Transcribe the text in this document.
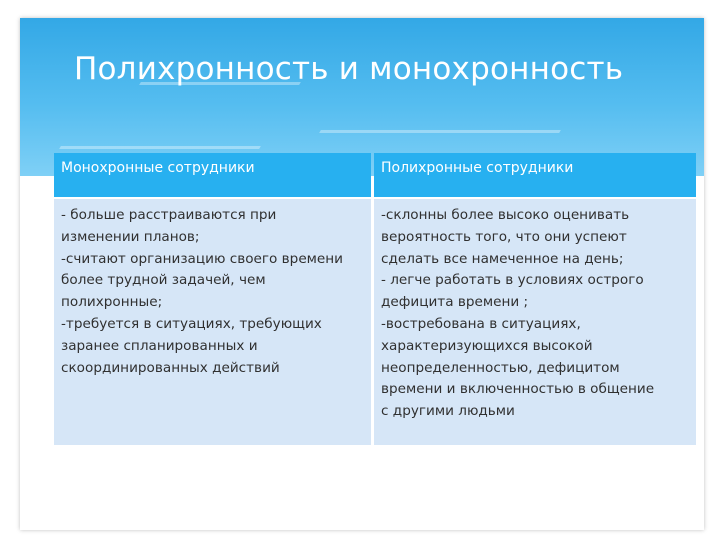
Полихронность и монохронность
Монохронные сотрудники	Полихронные сотрудники
- больше расстраиваются при
изменении планов;
-считают организацию своего времени
более трудной задачей, чем
полихронные;
-требуется в ситуациях, требующих
заранее спланированных и
скоординированных действий
-склонны более высоко оценивать
вероятность того, что они успеют
сделать все намеченное на день;
- легче работать в условиях острого
дефицита времени ;
-востребована в ситуациях,
характеризующихся высокой
неопределенностью, дефицитом
времени и включенностью в общение
с другими людьми
